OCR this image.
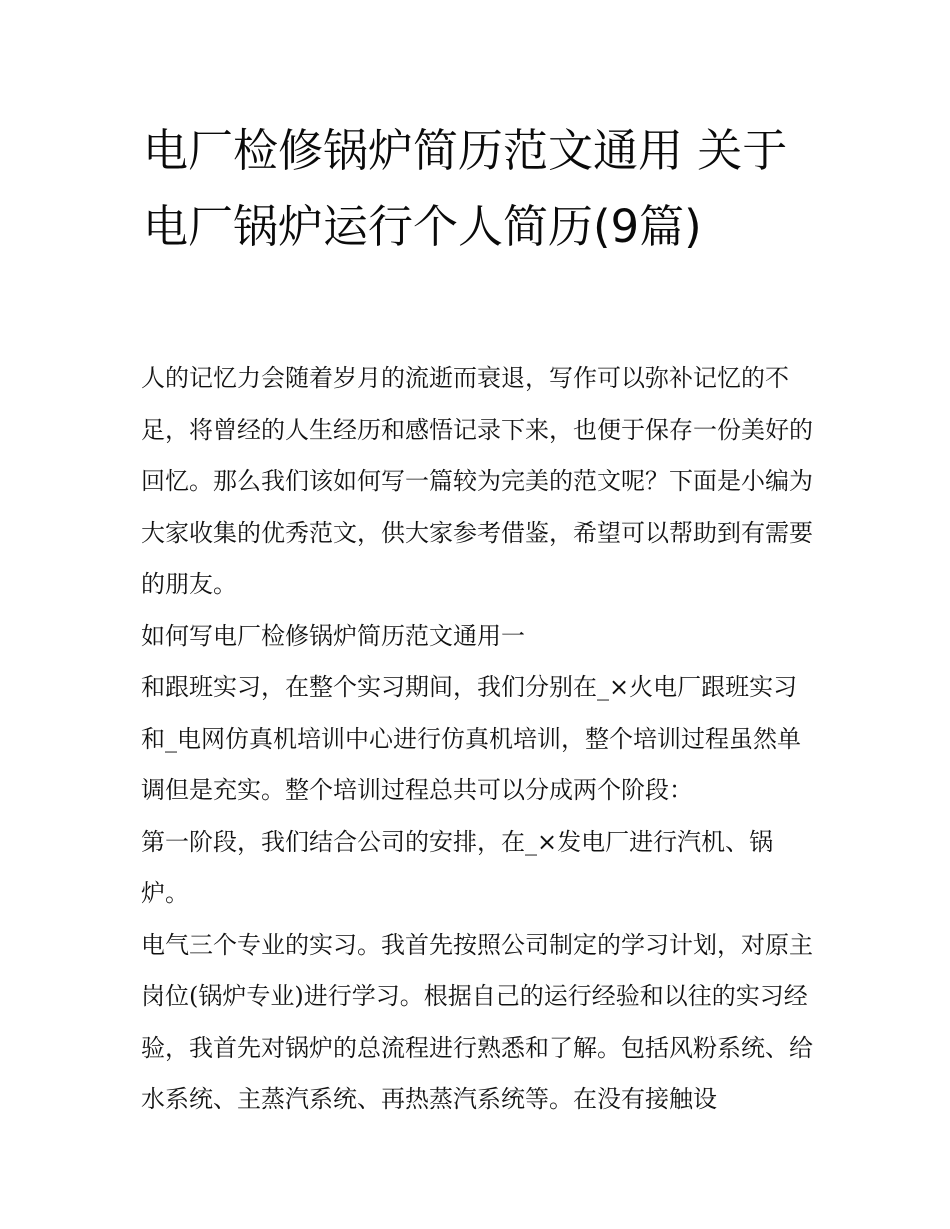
电厂检修锅炉简历范文通用 关于电厂锅炉运行个人简历(9篇)

人的记忆力会随着岁月的流逝而衰退，写作可以弥补记忆的不足，将曾经的人生经历和感悟记录下来，也便于保存一份美好的回忆。那么我们该如何写一篇较为完美的范文呢？下面是小编为大家收集的优秀范文，供大家参考借鉴，希望可以帮助到有需要的朋友。

如何写电厂检修锅炉简历范文通用一

和跟班实习，在整个实习期间，我们分别在_×火电厂跟班实习和_电网仿真机培训中心进行仿真机培训，整个培训过程虽然单调但是充实。整个培训过程总共可以分成两个阶段：

第一阶段，我们结合公司的安排，在_×发电厂进行汽机、锅炉。

电气三个专业的实习。我首先按照公司制定的学习计划，对原主岗位(锅炉专业)进行学习。根据自己的运行经验和以往的实习经验，我首先对锅炉的总流程进行熟悉和了解。包括风粉系统、给水系统、主蒸汽系统、再热蒸汽系统等。在没有接触设
